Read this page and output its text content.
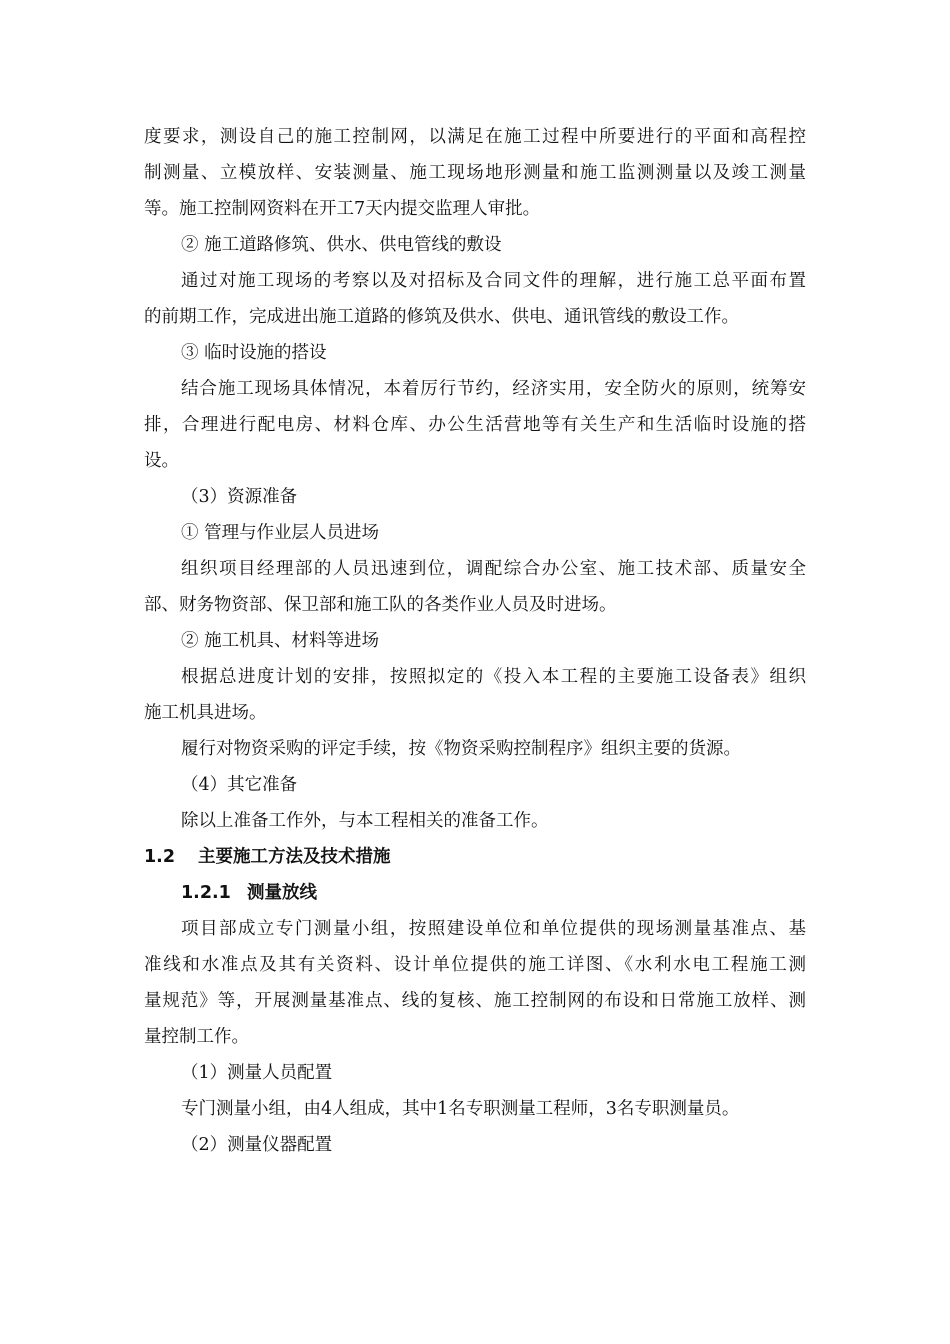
度要求，测设自己的施工控制网，以满足在施工过程中所要进行的平面和高程控
制测量、立模放样、安装测量、施工现场地形测量和施工监测测量以及竣工测量
等。施工控制网资料在开工7天内提交监理人审批。
② 施工道路修筑、供水、供电管线的敷设
通过对施工现场的考察以及对招标及合同文件的理解，进行施工总平面布置
的前期工作，完成进出施工道路的修筑及供水、供电、通讯管线的敷设工作。
③ 临时设施的搭设
结合施工现场具体情况，本着厉行节约，经济实用，安全防火的原则，统筹安
排，合理进行配电房、材料仓库、办公生活营地等有关生产和生活临时设施的搭
设。
（3）资源准备
① 管理与作业层人员进场
组织项目经理部的人员迅速到位，调配综合办公室、施工技术部、质量安全
部、财务物资部、保卫部和施工队的各类作业人员及时进场。
② 施工机具、材料等进场
根据总进度计划的安排，按照拟定的《投入本工程的主要施工设备表》组织
施工机具进场。
履行对物资采购的评定手续，按《物资采购控制程序》组织主要的货源。
（4）其它准备
除以上准备工作外，与本工程相关的准备工作。
1.2 主要施工方法及技术措施
1.2.1 测量放线
项目部成立专门测量小组，按照建设单位和单位提供的现场测量基准点、基
准线和水准点及其有关资料、设计单位提供的施工详图、《水利水电工程施工测
量规范》等，开展测量基准点、线的复核、施工控制网的布设和日常施工放样、测
量控制工作。
（1）测量人员配置
专门测量小组，由4人组成，其中1名专职测量工程师，3名专职测量员。
（2）测量仪器配置
